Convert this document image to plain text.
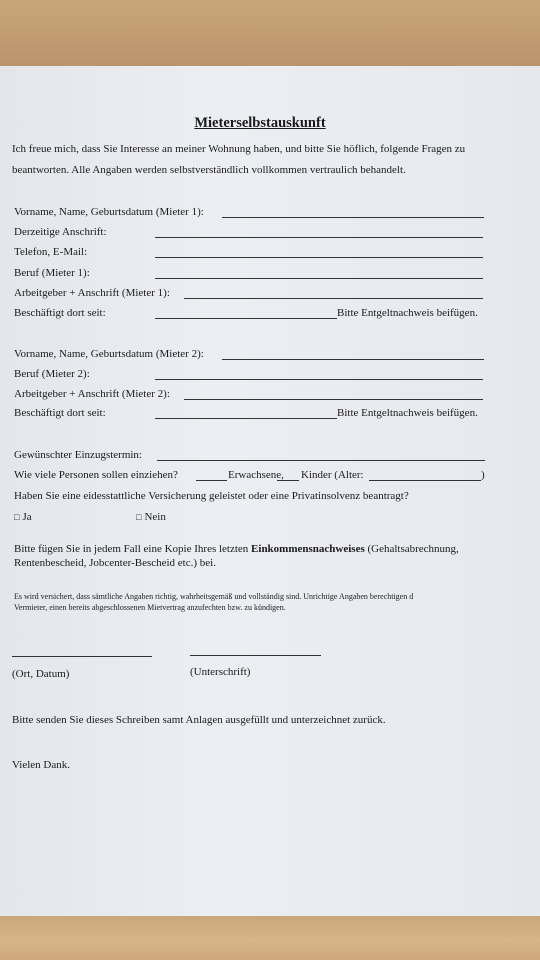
Mieterselbstauskunft
Ich freue mich, dass Sie Interesse an meiner Wohnung haben, und bitte Sie höflich, folgende Fragen zu
beantworten. Alle Angaben werden selbstverständlich vollkommen vertraulich behandelt.
Vorname, Name, Geburtsdatum (Mieter 1):
Derzeitige Anschrift:
Telefon, E-Mail:
Beruf (Mieter 1):
Arbeitgeber + Anschrift (Mieter 1):
Beschäftigt dort seit:	Bitte Entgeltnachweis beifügen.
Vorname, Name, Geburtsdatum (Mieter 2):
Beruf (Mieter 2):
Arbeitgeber + Anschrift (Mieter 2):
Beschäftigt dort seit:	Bitte Entgeltnachweis beifügen.
Gewünschter Einzugstermin:
Wie viele Personen sollen einziehen?	Erwachsene, Kinder (Alter:	)
Haben Sie eine eidesstattliche Versicherung geleistet oder eine Privatinsolvenz beantragt?
□ Ja	□ Nein
Bitte fügen Sie in jedem Fall eine Kopie Ihres letzten Einkommensnachweises (Gehaltsabrechnung,
Rentenbescheid, Jobcenter-Bescheid etc.) bei.
Es wird versichert, dass sämtliche Angaben richtig, wahrheitsgemäß und vollständig sind. Unrichtige Angaben berechtigen d
Vermieter, einen bereits abgeschlossenen Mietvertrag anzufechten bzw. zu kündigen.
(Ort, Datum)	(Unterschrift)
Bitte senden Sie dieses Schreiben samt Anlagen ausgefüllt und unterzeichnet zurück.
Vielen Dank.
